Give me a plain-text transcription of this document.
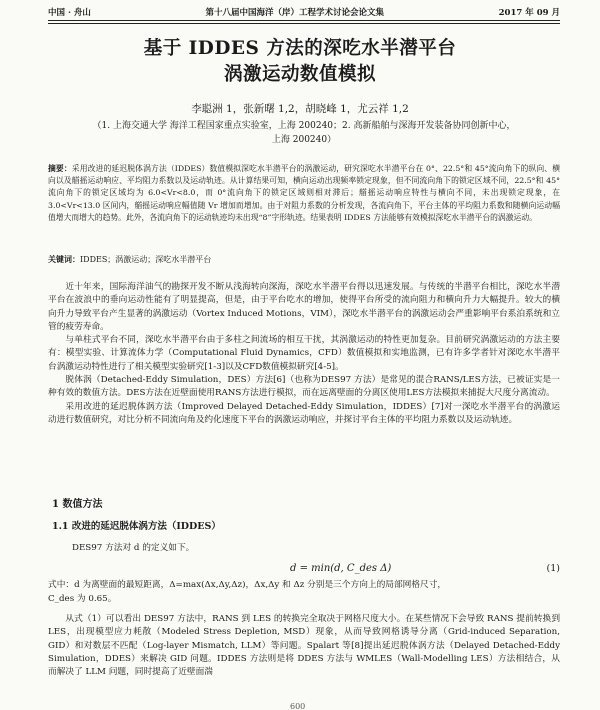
中国 · 舟山	第十八届中国海洋（岸）工程学术讨论会论文集	2017 年 09 月
基于 IDDES 方法的深吃水半潜平台
涡激运动数值模拟
李聪洲 1，张新曙 1,2，胡晓峰 1，尤云祥 1,2
（1. 上海交通大学 海洋工程国家重点实验室，上海 200240；2. 高新船舶与深海开发装备协同创新中心，
上海 200240）
摘要：采用改进的延迟脱体涡方法（IDDES）数值模拟深吃水半潜平台的涡激运动，研究深吃水半潜平台在 0°、22.5°和 45°流向角下的纵向、横向以及艏摇运动响应、平均阻力系数以及运动轨迹。从计算结果可知，横向运动出现频率锁定现象，但不同流向角下的锁定区域不同，22.5°和 45°流向角下的锁定区域均为 6.0<Vr<8.0，而 0°流向角下的锁定区域则相对滞后；艏摇运动响应特性与横向不同，未出现锁定现象，在 3.0<Vr<13.0 区间内，艏摇运动响应幅值随 Vr 增加而增加。由于对阻力系数的分析发现，各流向角下，平台主体的平均阻力系数和随横向运动幅值增大而增大的趋势。此外，各流向角下的运动轨迹均未出现“8”字形轨迹。结果表明 IDDES 方法能够有效模拟深吃水半潜平台的涡激运动。
关键词：IDDES；涡激运动；深吃水半潜平台

近十年来，国际海洋油气的勘探开发不断从浅海转向深海，深吃水半潜平台得以迅速发展。与传统的半潜平台相比，深吃水半潜平台在波浪中的垂向运动性能有了明显提高，但是，由于平台吃水的增加，使得平台所受的流向阻力和横向升力大幅提升。较大的横向升力导致平台产生显著的涡激运动（Vortex Induced Motions，VIM），深吃水半潜平台的涡激运动会严重影响平台系泊系统和立管的疲劳寿命。

与单柱式平台不同，深吃水半潜平台由于多柱之间流场的相互干扰，其涡激运动的特性更加复杂。目前研究涡激运动的方法主要有：模型实验、计算流体力学（Computational Fluid Dynamics，CFD）数值模拟和实地监测，已有许多学者针对深吃水半潜平台涡激运动特性进行了相关模型实验研究[1-3]以及CFD数值模拟研究[4-5]。

脱体涡（Detached-Eddy Simulation，DES）方法[6]（也称为DES97 方法）是常见的混合RANS/LES方法，已被证实是一种有效的数值方法。DES方法在近壁面使用RANS方法进行模拟，而在远离壁面的分离区使用LES方法模拟来捕捉大尺度分离流动。

采用改进的延迟脱体涡方法（Improved Delayed Detached-Eddy Simulation，IDDES）[7]对一深吃水半潜平台的涡激运动进行数值研究，对比分析不同流向角及约化速度下平台的涡激运动响应，并探讨平台主体的平均阻力系数以及运动轨迹。

1 数值方法
1.1 改进的延迟脱体涡方法（IDDES）
DES97 方法对 d 的定义如下。
d = min(d, C_des Δ)	(1)
式中：d 为离壁面的最短距离，Δ=max(Δx,Δy,Δz)，Δx,Δy 和 Δz 分别是三个方向上的局部网格尺寸，
C_des 为 0.65。

从式（1）可以看出 DES97 方法中，RANS 到 LES 的转换完全取决于网格尺度大小。在某些情况下会导致 RANS 提前转换到 LES，出现模型应力耗散（Modeled Stress Depletion, MSD）现象，从而导致网格诱导分离（Grid-induced Separation, GID）和对数层不匹配（Log-layer Mismatch, LLM）等问题。Spalart 等[8]提出延迟脱体涡方法（Delayed Detached-Eddy Simulation，DDES）来解决 GID 问题。IDDES 方法则是将 DDES 方法与 WMLES（Wall-Modelling LES）方法相结合，从而解决了 LLM 问题，同时提高了近壁面湍

600
